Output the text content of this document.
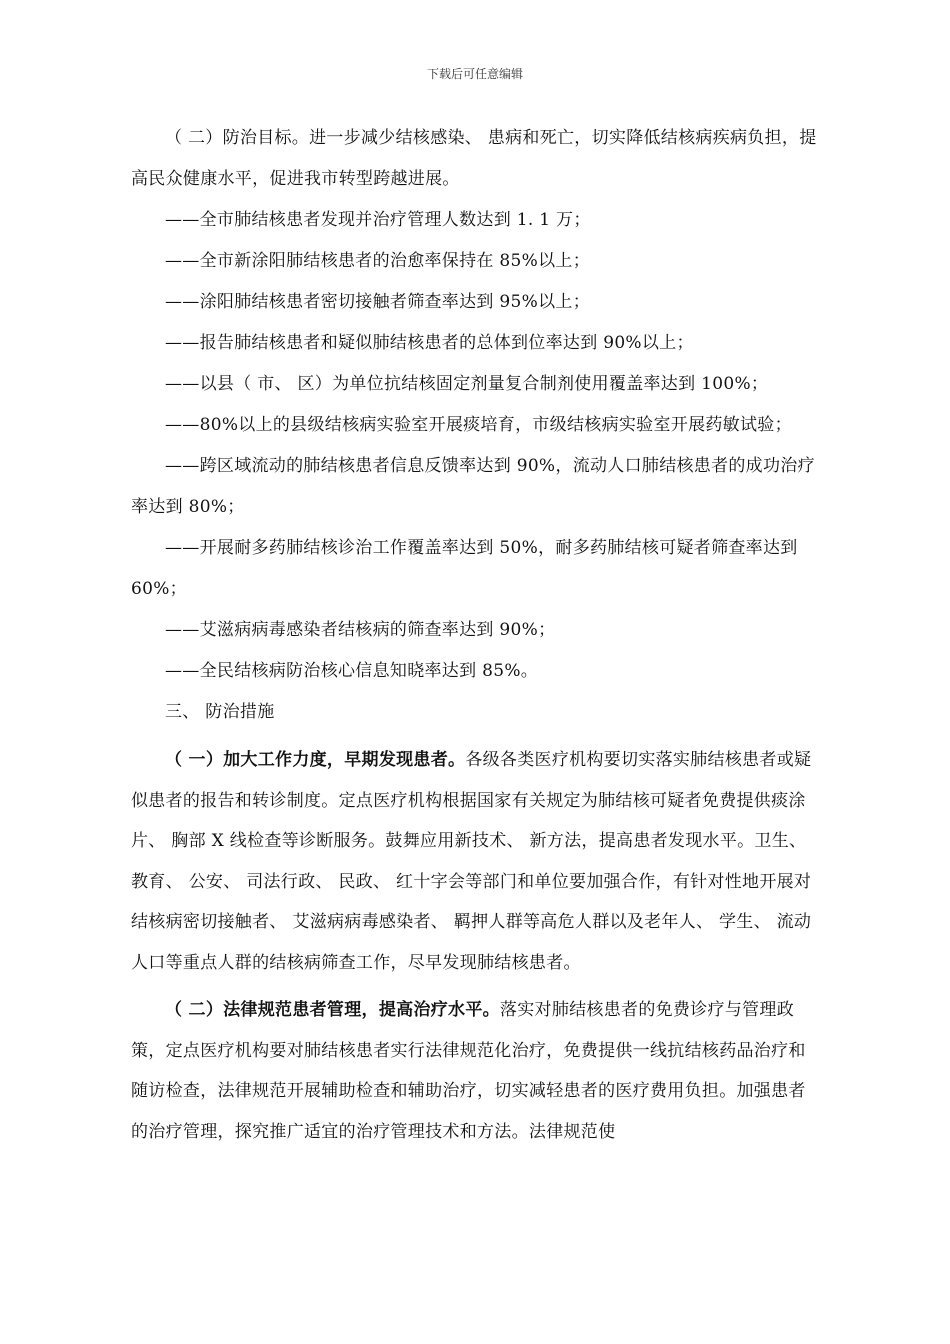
下载后可任意编辑

（ 二）防治目标。进一步减少结核感染、 患病和死亡，切实降低结核病疾病负担，提高民众健康水平，促进我市转型跨越进展。

——全市肺结核患者发现并治疗管理人数达到 1. 1 万；

——全市新涂阳肺结核患者的治愈率保持在 85%以上；

——涂阳肺结核患者密切接触者筛查率达到 95%以上；

——报告肺结核患者和疑似肺结核患者的总体到位率达到 90%以上；

——以县（ 市、 区）为单位抗结核固定剂量复合制剂使用覆盖率达到 100%；

——80%以上的县级结核病实验室开展痰培育，市级结核病实验室开展药敏试验；

——跨区域流动的肺结核患者信息反馈率达到 90%，流动人口肺结核患者的成功治疗率达到 80%；

——开展耐多药肺结核诊治工作覆盖率达到 50%，耐多药肺结核可疑者筛查率达到 60%；

——艾滋病病毒感染者结核病的筛查率达到 90%；

——全民结核病防治核心信息知晓率达到 85%。

三、 防治措施

（ 一）加大工作力度，早期发现患者。各级各类医疗机构要切实落实肺结核患者或疑似患者的报告和转诊制度。定点医疗机构根据国家有关规定为肺结核可疑者免费提供痰涂片、 胸部 X 线检查等诊断服务。鼓舞应用新技术、 新方法，提高患者发现水平。卫生、 教育、 公安、 司法行政、 民政、 红十字会等部门和单位要加强合作，有针对性地开展对结核病密切接触者、 艾滋病病毒感染者、 羁押人群等高危人群以及老年人、 学生、 流动人口等重点人群的结核病筛查工作，尽早发现肺结核患者。

（ 二）法律规范患者管理，提高治疗水平。落实对肺结核患者的免费诊疗与管理政策，定点医疗机构要对肺结核患者实行法律规范化治疗，免费提供一线抗结核药品治疗和随访检查，法律规范开展辅助检查和辅助治疗，切实减轻患者的医疗费用负担。加强患者的治疗管理，探究推广适宜的治疗管理技术和方法。法律规范使
